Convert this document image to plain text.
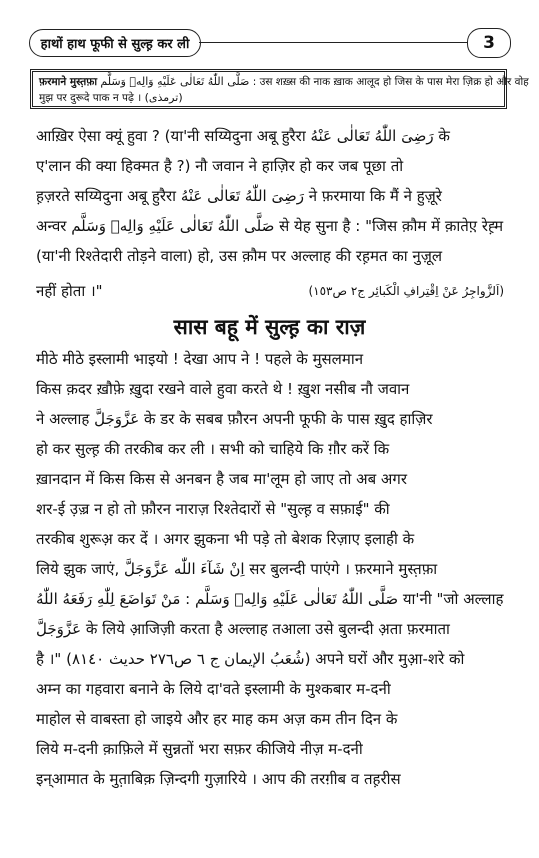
हाथों हाथ फूफी से सुल्ह़ कर ली	3
फ़रमाने मुस्त़फ़ा صَلَّى اللّٰهُ تَعَالٰى عَلَيْهِ وَالِهٖ وَسَلَّم : उस शख़्स की नाक ख़ाक आलूद हो जिस के पास मेरा ज़िक्र हो और वोह
मुझ पर दुरूदे पाक न पढ़े । (ترمذی)
आख़िर ऐसा क्यूं हुवा ? (या'नी सय्यिदुना अबू हुरैरा رَضِىَ اللّٰهُ تَعَالٰى عَنْهُ के
ए'लान की क्या हिक्मत है ?) नौ जवान ने हाज़िर हो कर जब पूछा तो
ह़ज़रते सय्यिदुना अबू हुरैरा رَضِىَ اللّٰهُ تَعَالٰى عَنْهُ ने फ़रमाया कि मैं ने हुज़ूरे
अन्वर صَلَّى اللّٰهُ تَعَالٰى عَلَيْهِ وَالِهٖ وَسَلَّم से येह सुना है : "जिस क़ौम में क़ातेए़ रेह़्म
(या'नी रिश्तेदारी तोड़ने वाला) हो, उस क़ौम पर अल्लाह की रह़मत का नुज़ूल
नहीं होता ।"	(اَلزَّواجِرُ عَنْ اِقْتِرافِ الْكَبائِر ج٢ ص١٥٣)
सास बहू में सुल्ह़ का राज़
मीठे मीठे इस्लामी भाइयो ! देखा आप ने ! पहले के मुसलमान
किस क़दर ख़ौफ़े ख़ुदा रखने वाले हुवा करते थे ! ख़ुश नसीब नौ जवान
ने अल्लाह عَزَّوَجَلَّ के डर के सबब फ़ौरन अपनी फूफी के पास ख़ुद हाज़िर
हो कर सुल्ह़ की तरकीब कर ली । सभी को चाहिये कि ग़ौर करें कि
ख़ानदान में किस किस से अनबन है जब मा'लूम हो जाए तो अब अगर
शर-ई उ़ज़्र न हो तो फ़ौरन नाराज़ रिश्तेदारों से "सुल्ह़ व सफ़ाई" की
तरकीब शुरूअ़ कर दें । अगर झुकना भी पड़े तो बेशक रिज़ाए इलाही के
लिये झुक जाएं, اِنْ شَآءَ اللّٰه عَزَّوَجَلَّ सर बुलन्दी पाएंगे । फ़रमाने मुस्त़फ़ा
صَلَّى اللّٰهُ تَعَالٰى عَلَيْهِ وَالِهٖ وَسَلَّم : مَنْ تَوَاضَعَ لِلّٰهِ رَفَعَهُ اللّٰهُ या'नी "जो अल्लाह
عَزَّوَجَلَّ के लिये आ़जिज़ी करता है अल्लाह तआला उसे बुलन्दी अ़ता फ़रमाता
है ।" (شُعَبُ الإيمان ج ٦ ص٢٧٦ حديث ٨١٤٠) अपने घरों और मुआ़-शरे को
अम्न का गहवारा बनाने के लिये दा'वते इस्लामी के मुश्कबार म-दनी
माहोल से वाबस्ता हो जाइये और हर माह कम अज़ कम तीन दिन के
लिये म-दनी क़ाफ़िले में सुन्नतों भरा सफ़र कीजिये नीज़ म-दनी
इन्आमात के मुत़ाबिक़ ज़िन्दगी गुज़ारिये । आप की तरग़ीब व तह़रीस
